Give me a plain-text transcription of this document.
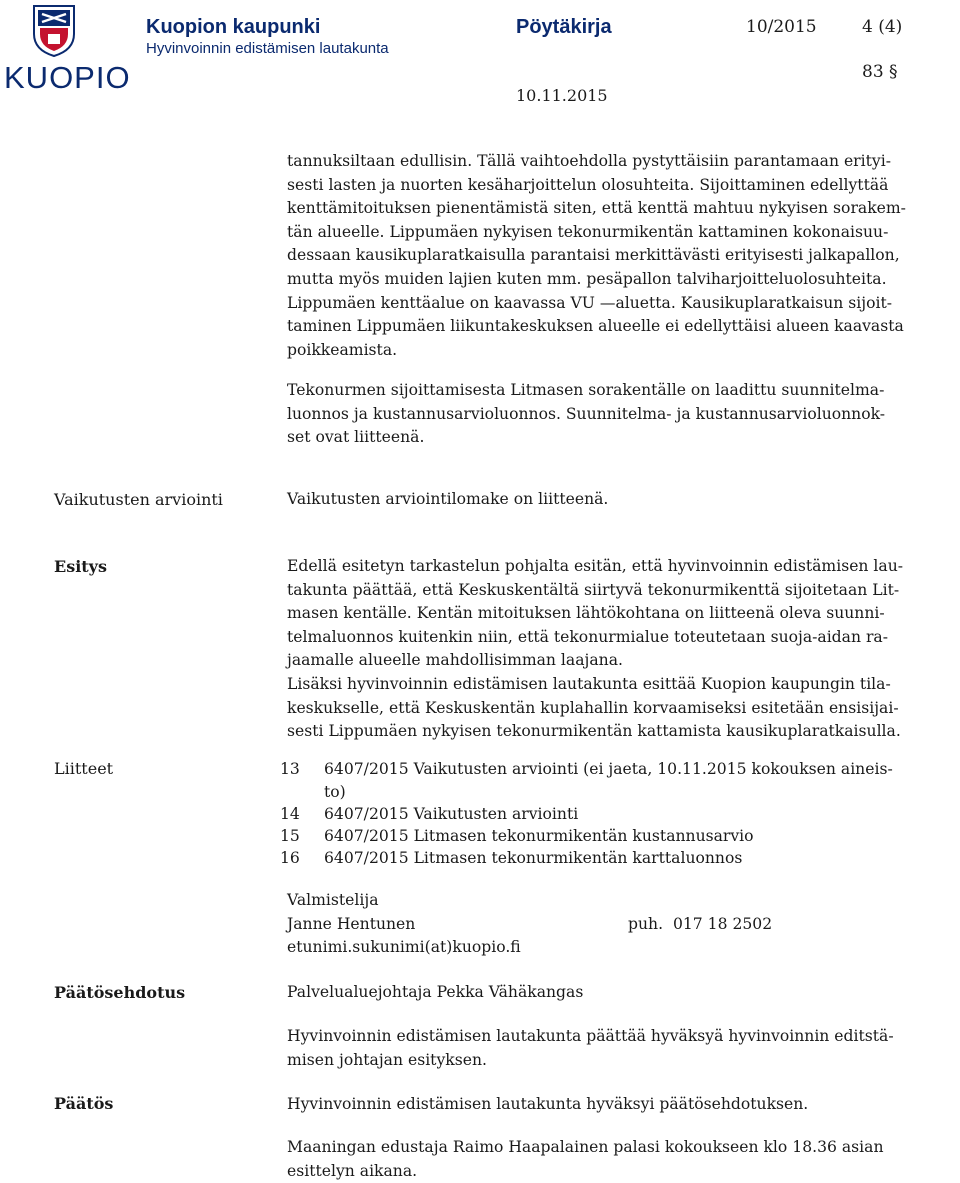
KUOPIO
Kuopion kaupunki
Hyvinvoinnin edistämisen lautakunta
Pöytäkirja	10/2015	4 (4)
83 §
10.11.2015
tannuksiltaan edullisin. Tällä vaihtoehdolla pystyttäisiin parantamaan erityi-
sesti lasten ja nuorten kesäharjoittelun olosuhteita. Sijoittaminen edellyttää
kenttämitoituksen pienentämistä siten, että kenttä mahtuu nykyisen sorakem-
tän alueelle. Lippumäen nykyisen tekonurmikentän kattaminen kokonaisuu-
dessaan kausikuplaratkaisulla parantaisi merkittävästi erityisesti jalkapallon,
mutta myös muiden lajien kuten mm. pesäpallon talviharjoitteluolosuhteita.
Lippumäen kenttäalue on kaavassa VU —aluetta. Kausikuplaratkaisun sijoit-
taminen Lippumäen liikuntakeskuksen alueelle ei edellyttäisi alueen kaavasta
poikkeamista.
Tekonurmen sijoittamisesta Litmasen sorakentälle on laadittu suunnitelma-
luonnos ja kustannusarvioluonnos. Suunnitelma- ja kustannusarvioluonnok-
set ovat liitteenä.
Vaikutusten arviointi	Vaikutusten arviointilomake on liitteenä.
Esitys	Edellä esitetyn tarkastelun pohjalta esitän, että hyvinvoinnin edistämisen lau-
takunta päättää, että Keskuskentältä siirtyvä tekonurmikenttä sijoitetaan Lit-
masen kentälle. Kentän mitoituksen lähtökohtana on liitteenä oleva suunni-
telmaluonnos kuitenkin niin, että tekonurmialue toteutetaan suoja-aidan ra-
jaamalle alueelle mahdollisimman laajana.
Lisäksi hyvinvoinnin edistämisen lautakunta esittää Kuopion kaupungin tila-
keskukselle, että Keskuskentän kuplahallin korvaamiseksi esitetään ensisijai-
sesti Lippumäen nykyisen tekonurmikentän kattamista kausikuplaratkaisulla.
Liitteet	13 6407/2015 Vaikutusten arviointi (ei jaeta, 10.11.2015 kokouksen aineis-
to)
14 6407/2015 Vaikutusten arviointi
15 6407/2015 Litmasen tekonurmikentän kustannusarvio
16 6407/2015 Litmasen tekonurmikentän karttaluonnos
Valmistelija
Janne Hentunen	puh.  017 18 2502
etunimi.sukunimi(at)kuopio.fi
Päätösehdotus	Palvelualuejohtaja Pekka Vähäkangas
Hyvinvoinnin edistämisen lautakunta päättää hyväksyä hyvinvoinnin editstä-
misen johtajan esityksen.
Päätös	Hyvinvoinnin edistämisen lautakunta hyväksyi päätösehdotuksen.
Maaningan edustaja Raimo Haapalainen palasi kokoukseen klo 18.36 asian
esittelyn aikana.
